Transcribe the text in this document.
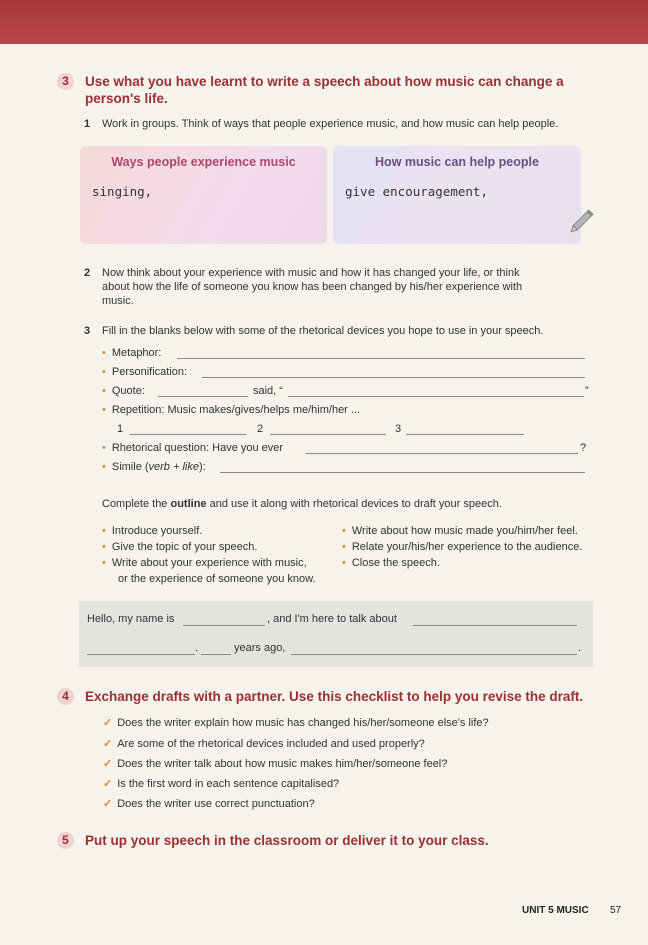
3	Use what you have learnt to write a speech about how music can change a
person's life.
1 Work in groups. Think of ways that people experience music, and how music can help people.
Ways people experience music
singing,
How music can help people
give encouragement,
2 Now think about your experience with music and how it has changed your life, or think
about how the life of someone you know has been changed by his/her experience with
music.
3 Fill in the blanks below with some of the rhetorical devices you hope to use in your speech.
• Metaphor:
• Personification:
• Quote:	said, “	”
• Repetition: Music makes/gives/helps me/him/her ...
1	2	3
• Rhetorical question: Have you ever	?
• Simile (verb + like):
Complete the outline and use it along with rhetorical devices to draft your speech.
• Introduce yourself.
• Give the topic of your speech.
• Write about your experience with music,
or the experience of someone you know.
• Write about how music made you/him/her feel.
• Relate your/his/her experience to the audience.
• Close the speech.
Hello, my name is	, and I'm here to talk about
.	years ago,	.
4	Exchange drafts with a partner. Use this checklist to help you revise the draft.
✓ Does the writer explain how music has changed his/her/someone else's life?
✓ Are some of the rhetorical devices included and used properly?
✓ Does the writer talk about how music makes him/her/someone feel?
✓ Is the first word in each sentence capitalised?
✓ Does the writer use correct punctuation?
5	Put up your speech in the classroom or deliver it to your class.
UNIT 5 MUSIC 57
